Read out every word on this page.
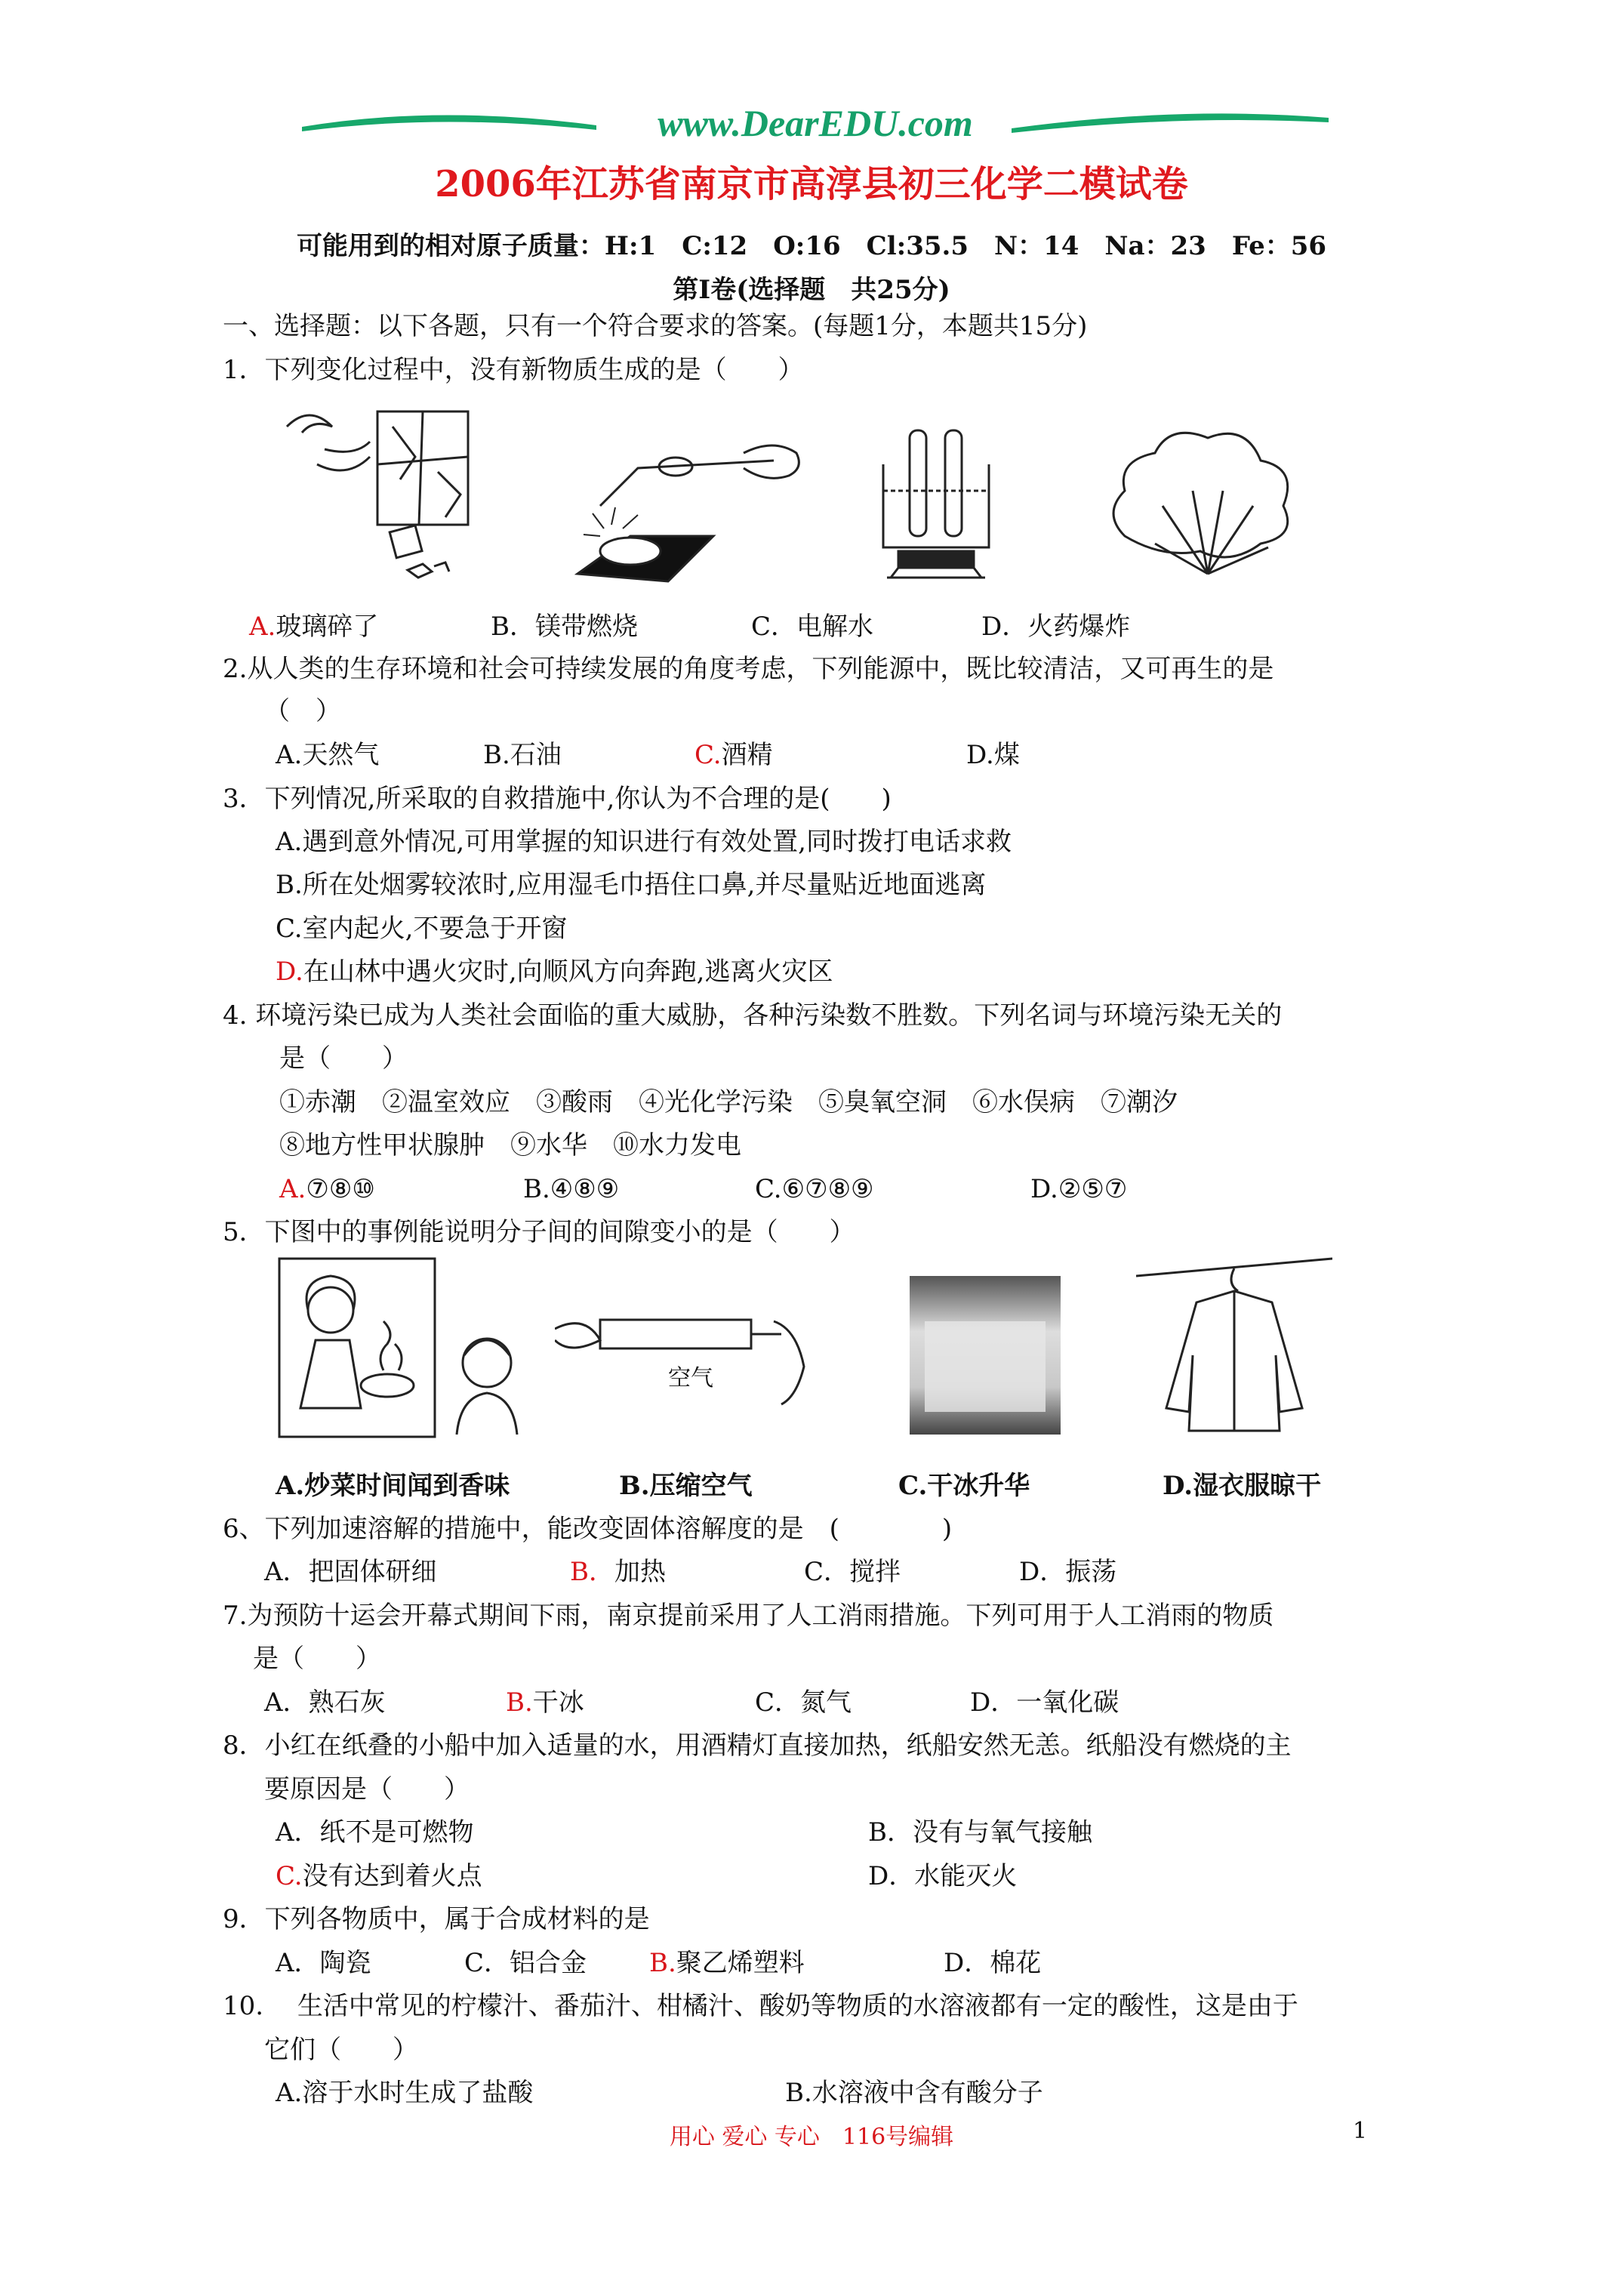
www.DearEDU.com
2006年江苏省南京市高淳县初三化学二模试卷
可能用到的相对原子质量：H:1　C:12　O:16　Cl:35.5　N：14　Na：23　Fe：56
第Ⅰ卷(选择题　共25分)
一、选择题：以下各题，只有一个符合要求的答案。(每题1分，本题共15分)
1．下列变化过程中，没有新物质生成的是（　　）
A.玻璃碎了	B．镁带燃烧	C．电解水	D．火药爆炸
2.从人类的生存环境和社会可持续发展的角度考虑，下列能源中，既比较清洁，又可再生的是
（　）
A.天然气	B.石油	C.酒精	D.煤
3．下列情况,所采取的自救措施中,你认为不合理的是(　　)
A.遇到意外情况,可用掌握的知识进行有效处置,同时拨打电话求救
B.所在处烟雾较浓时,应用湿毛巾捂住口鼻,并尽量贴近地面逃离
C.室内起火,不要急于开窗
D.在山林中遇火灾时,向顺风方向奔跑,逃离火灾区
4. 环境污染已成为人类社会面临的重大威胁，各种污染数不胜数。下列名词与环境污染无关的
是（　　）
①赤潮　②温室效应　③酸雨　④光化学污染　⑤臭氧空洞　⑥水俣病　⑦潮汐
⑧地方性甲状腺肿　⑨水华　⑩水力发电
A.⑦⑧⑩	B.④⑧⑨	C.⑥⑦⑧⑨	D.②⑤⑦
5．下图中的事例能说明分子间的间隙变小的是（　　）
空气
A.炒菜时间闻到香味	B.压缩空气	C.干冰升华	D.湿衣服晾干
6、下列加速溶解的措施中，能改变固体溶解度的是　(　　　　)
A．把固体研细	B．加热	C．搅拌	D．振荡
7.为预防十运会开幕式期间下雨，南京提前采用了人工消雨措施。下列可用于人工消雨的物质
是（　　）
A．熟石灰	B.干冰	C．氮气	D．一氧化碳
8．小红在纸叠的小船中加入适量的水，用酒精灯直接加热，纸船安然无恙。纸船没有燃烧的主
要原因是（　　）
A．纸不是可燃物	B．没有与氧气接触
C.没有达到着火点	D．水能灭火
9．下列各物质中，属于合成材料的是
A．陶瓷	C．铝合金 B.聚乙烯塑料	D．棉花
10.　 生活中常见的柠檬汁、番茄汁、柑橘汁、酸奶等物质的水溶液都有一定的酸性，这是由于
它们（　　）
A.溶于水时生成了盐酸	B.水溶液中含有酸分子
用心 爱心 专心　116号编辑	1
